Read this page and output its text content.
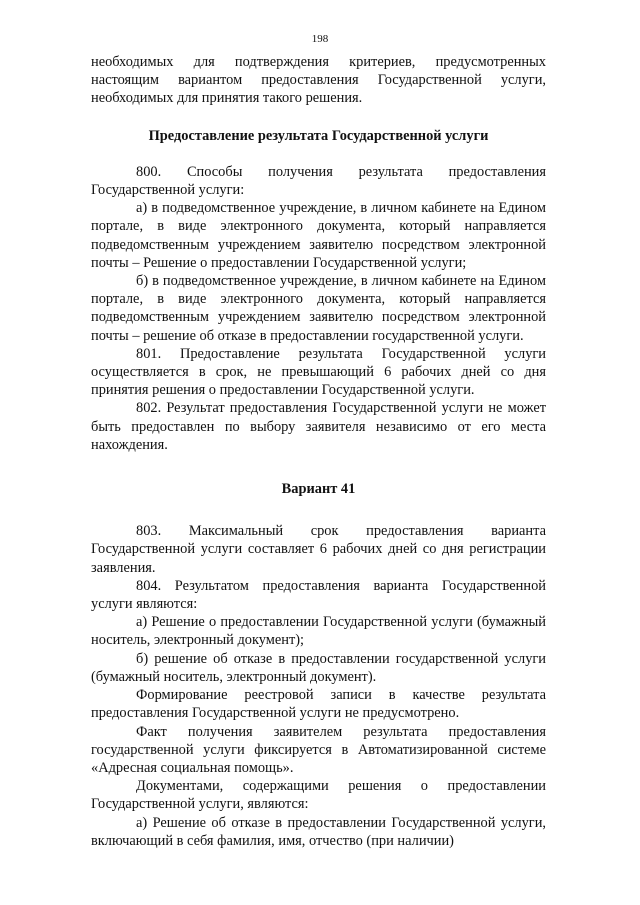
198

необходимых для подтверждения критериев, предусмотренных настоящим вариантом предоставления Государственной услуги, необходимых для принятия такого решения.

Предоставление результата Государственной услуги

800. Способы получения результата предоставления Государственной услуги:

а) в подведомственное учреждение, в личном кабинете на Едином портале, в виде электронного документа, который направляется подведомственным учреждением заявителю посредством электронной почты – Решение о предоставлении Государственной услуги;

б) в подведомственное учреждение, в личном кабинете на Едином портале, в виде электронного документа, который направляется подведомственным учреждением заявителю посредством электронной почты – решение об отказе в предоставлении государственной услуги.

801. Предоставление результата Государственной услуги осуществляется в срок, не превышающий 6 рабочих дней со дня принятия решения о предоставлении Государственной услуги.

802. Результат предоставления Государственной услуги не может быть предоставлен по выбору заявителя независимо от его места нахождения.

Вариант 41

803. Максимальный срок предоставления варианта Государственной услуги составляет 6 рабочих дней со дня регистрации заявления.

804. Результатом предоставления варианта Государственной услуги являются:

а) Решение о предоставлении Государственной услуги (бумажный носитель, электронный документ);

б) решение об отказе в предоставлении государственной услуги (бумажный носитель, электронный документ).

Формирование реестровой записи в качестве результата предоставления Государственной услуги не предусмотрено.

Факт получения заявителем результата предоставления государственной услуги фиксируется в Автоматизированной системе «Адресная социальная помощь».

Документами, содержащими решения о предоставлении Государственной услуги, являются:

а) Решение об отказе в предоставлении Государственной услуги, включающий в себя фамилия, имя, отчество (при наличии)
